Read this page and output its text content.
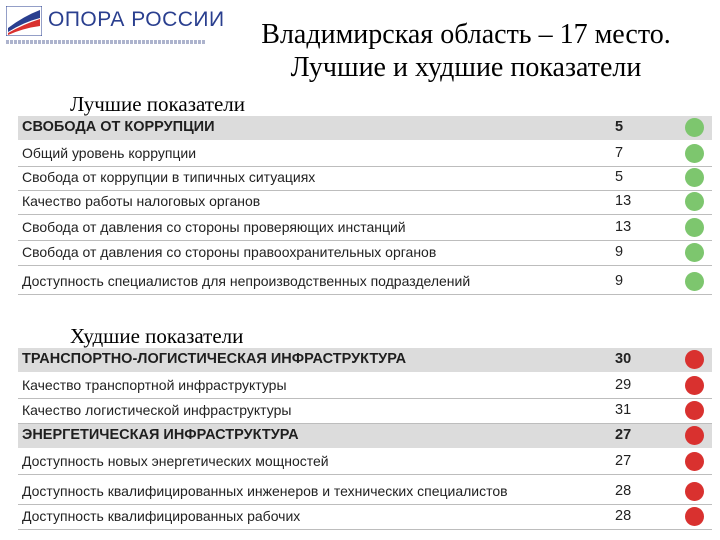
ОПОРА РОССИИ	Владимирская область – 17 место.
Лучшие и худшие показатели
Лучшие показатели
СВОБОДА ОТ КОРРУПЦИИ	5
Общий уровень коррупции	7
Свобода от коррупции в типичных ситуациях	5
Качество работы налоговых органов	13
Свобода от давления со стороны проверяющих инстанций	13
Свобода от давления со стороны правоохранительных органов	9
Доступность специалистов для непроизводственных подразделений	9
Худшие показатели
ТРАНСПОРТНО-ЛОГИСТИЧЕСКАЯ ИНФРАСТРУКТУРА	30
Качество транспортной инфраструктуры	29
Качество логистической инфраструктуры	31
ЭНЕРГЕТИЧЕСКАЯ ИНФРАСТРУКТУРА	27
Доступность новых энергетических мощностей	27
Доступность квалифицированных инженеров и технических специалистов	28
Доступность квалифицированных рабочих	28
